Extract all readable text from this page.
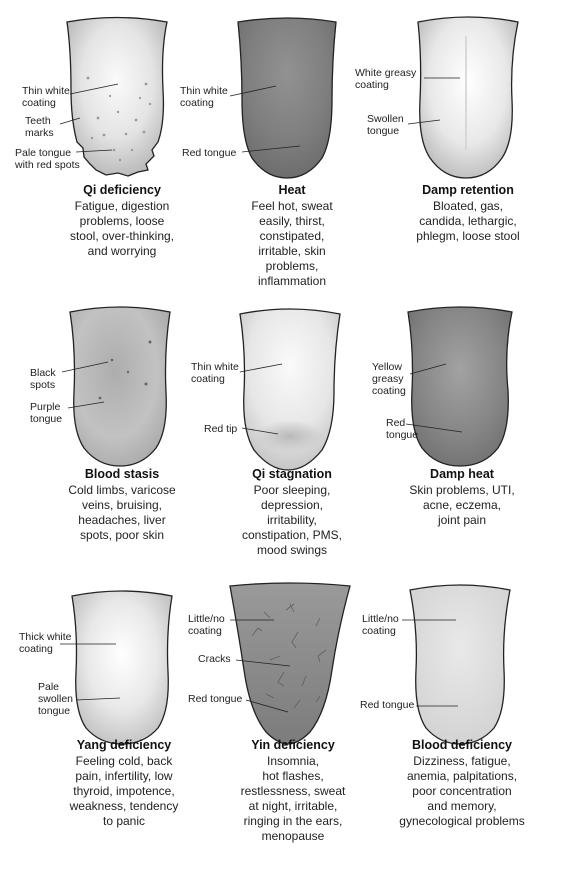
Thin white coating
Teeth marks
Pale tongue with red spots
Qi deficiency
Fatigue, digestion problems, loose stool, over-thinking, and worrying
Thin white coating
Red tongue
Heat
Feel hot, sweat easily, thirst, constipated, irritable, skin problems, inflammation
White greasy coating
Swollen tongue
Damp retention
Bloated, gas, candida, lethargic, phlegm, loose stool
Black spots
Purple tongue
Blood stasis
Cold limbs, varicose veins, bruising, headaches, liver spots, poor skin
Thin white coating
Red tip
Qi stagnation
Poor sleeping, depression, irritability, constipation, PMS, mood swings
Yellow greasy coating
Red tongue
Damp heat
Skin problems, UTI, acne, eczema, joint pain
Thick white coating
Pale swollen tongue
Yang deficiency
Feeling cold, back pain, infertility, low thyroid, impotence, weakness, tendency to panic
Little/no coating
Cracks
Red tongue
Yin deficiency
Insomnia, hot flashes, restlessness, sweat at night, irritable, ringing in the ears, menopause
Little/no coating
Red tongue
Blood deficiency
Dizziness, fatigue, anemia, palpitations, poor concentration and memory, gynecological problems
